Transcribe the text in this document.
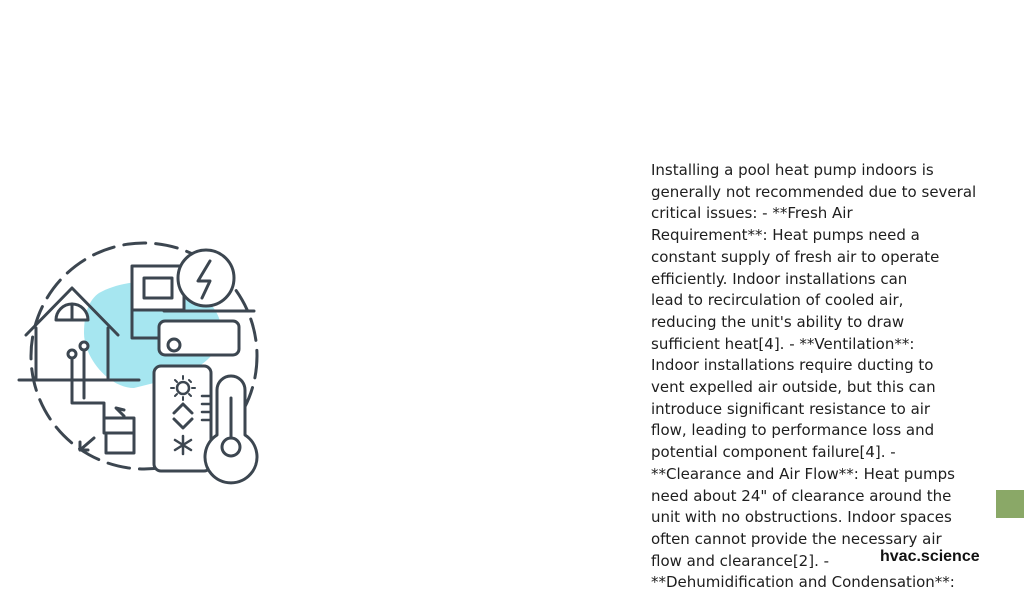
Installing a pool heat pump indoors is
generally not recommended due to several
critical issues: - **Fresh Air
Requirement**: Heat pumps need a
constant supply of fresh air to operate
efficiently. Indoor installations can
lead to recirculation of cooled air,
reducing the unit's ability to draw
sufficient heat[4]. - **Ventilation**:
Indoor installations require ducting to
vent expelled air outside, but this can
introduce significant resistance to air
flow, leading to performance loss and
potential component failure[4]. -
**Clearance and Air Flow**: Heat pumps
need about 24" of clearance around the
unit with no obstructions. Indoor spaces
often cannot provide the necessary air
flow and clearance[2]. -
**Dehumidification and Condensation**:

hvac.science
